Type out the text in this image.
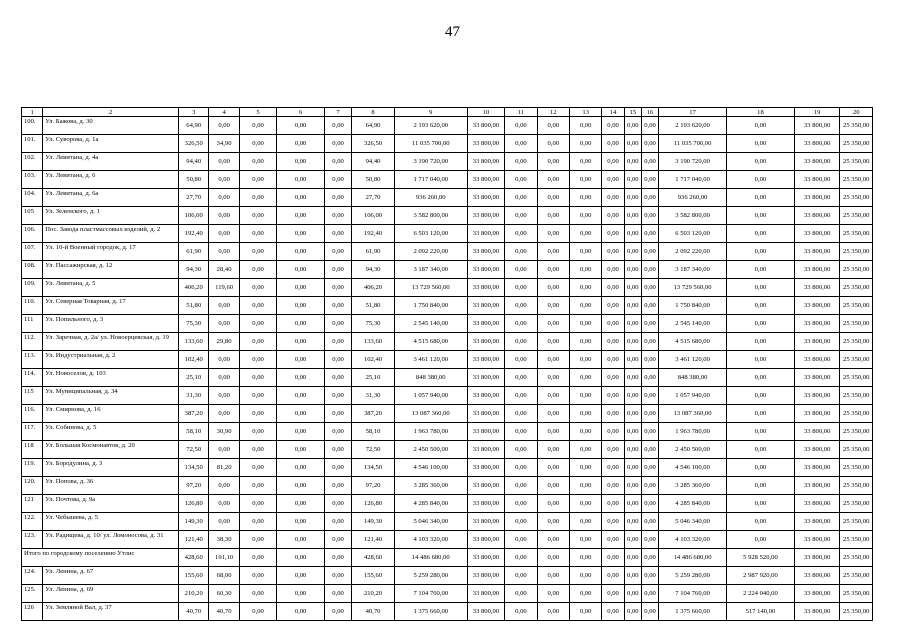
47
1	2	3	4	5	6	7	8	9	10	11	12	13	14	15	16	17	18	19	20
100.	Ул. Бажова, д. 30	64,90	0,00	0,00	0,00	0,00	64,90	2 193 620,00	33 800,00	0,00	0,00	0,00	0,00	0,00	0,00	2 193 620,00	0,00	33 800,00	25 350,00
101.	Ул. Суворова, д. 1а	326,50	34,90	0,00	0,00	0,00	326,50	11 035 700,00	33 800,00	0,00	0,00	0,00	0,00	0,00	0,00	11 035 700,00	0,00	33 800,00	25 350,00
102.	Ул. Левитана, д. 4а	94,40	0,00	0,00	0,00	0,00	94,40	3 190 720,00	33 800,00	0,00	0,00	0,00	0,00	0,00	0,00	3 190 720,00	0,00	33 800,00	25 350,00
103.	Ул. Левитана, д. 6	50,80	0,00	0,00	0,00	0,00	50,80	1 717 040,00	33 800,00	0,00	0,00	0,00	0,00	0,00	0,00	1 717 040,00	0,00	33 800,00	25 350,00
104.	Ул. Левитана, д. 6а	27,70	0,00	0,00	0,00	0,00	27,70	936 260,00	33 800,00	0,00	0,00	0,00	0,00	0,00	0,00	936 260,00	0,00	33 800,00	25 350,00
105	Ул. Зеленского, д. 1	106,00	0,00	0,00	0,00	0,00	106,00	3 582 800,00	33 800,00	0,00	0,00	0,00	0,00	0,00	0,00	3 582 800,00	0,00	33 800,00	25 350,00
106.	Пос. Завода пластмассовых изделий, д. 2	192,40	0,00	0,00	0,00	0,00	192,40	6 503 120,00	33 800,00	0,00	0,00	0,00	0,00	0,00	0,00	6 503 120,00	0,00	33 800,00	25 350,00
107.	Ул. 10-й Военный городок, д. 17	61,90	0,00	0,00	0,00	0,00	61,90	2 092 220,00	33 800,00	0,00	0,00	0,00	0,00	0,00	0,00	2 092 220,00	0,00	33 800,00	25 350,00
108.	Ул. Пассажирская, д. 12	94,30	28,40	0,00	0,00	0,00	94,30	3 187 340,00	33 800,00	0,00	0,00	0,00	0,00	0,00	0,00	3 187 340,00	0,00	33 800,00	25 350,00
109.	Ул. Левитана, д. 5	406,20	119,60	0,00	0,00	0,00	406,20	13 729 560,00	33 800,00	0,00	0,00	0,00	0,00	0,00	0,00	13 729 560,00	0,00	33 800,00	25 350,00
110.	Ул. Северная Товарная, д. 17	51,80	0,00	0,00	0,00	0,00	51,80	1 750 840,00	33 800,00	0,00	0,00	0,00	0,00	0,00	0,00	1 750 840,00	0,00	33 800,00	25 350,00
111	Ул. Попильного, д. 3	75,30	0,00	0,00	0,00	0,00	75,30	2 545 140,00	33 800,00	0,00	0,00	0,00	0,00	0,00	0,00	2 545 140,00	0,00	33 800,00	25 350,00
112.	Ул. Заречная, д. 2а/ ул. Новоерцевская, д. 19	133,60	29,80	0,00	0,00	0,00	133,60	4 515 680,00	33 800,00	0,00	0,00	0,00	0,00	0,00	0,00	4 515 680,00	0,00	33 800,00	25 350,00
113.	Ул. Индустриальная, д. 2	102,40	0,00	0,00	0,00	0,00	102,40	3 461 120,00	33 800,00	0,00	0,00	0,00	0,00	0,00	0,00	3 461 120,00	0,00	33 800,00	25 350,00
114.	Ул. Новоселов, д. 103	25,10	0,00	0,00	0,00	0,00	25,10	848 380,00	33 800,00	0,00	0,00	0,00	0,00	0,00	0,00	848 380,00	0,00	33 800,00	25 350,00
115	Ул. Муниципальная, д. 34	31,30	0,00	0,00	0,00	0,00	31,30	1 057 940,00	33 800,00	0,00	0,00	0,00	0,00	0,00	0,00	1 057 940,00	0,00	33 800,00	25 350,00
116.	Ул. Смирнова, д. 16	387,20	0,00	0,00	0,00	0,00	387,20	13 087 360,00	33 800,00	0,00	0,00	0,00	0,00	0,00	0,00	13 087 360,00	0,00	33 800,00	25 350,00
117.	Ул. Собинова, д. 5	58,10	30,90	0,00	0,00	0,00	58,10	1 963 780,00	33 800,00	0,00	0,00	0,00	0,00	0,00	0,00	1 963 780,00	0,00	33 800,00	25 350,00
118	Ул. Большая Космонавтов, д. 20	72,50	0,00	0,00	0,00	0,00	72,50	2 450 500,00	33 800,00	0,00	0,00	0,00	0,00	0,00	0,00	2 450 500,00	0,00	33 800,00	25 350,00
119.	Ул. Бородулина, д. 3	134,50	81,20	0,00	0,00	0,00	134,50	4 546 100,00	33 800,00	0,00	0,00	0,00	0,00	0,00	0,00	4 546 100,00	0,00	33 800,00	25 350,00
120.	Ул. Попова, д. 36	97,20	0,00	0,00	0,00	0,00	97,20	3 285 360,00	33 800,00	0,00	0,00	0,00	0,00	0,00	0,00	3 285 360,00	0,00	33 800,00	25 350,00
121	Ул. Почтова, д. 9а	126,80	0,00	0,00	0,00	0,00	126,80	4 285 840,00	33 800,00	0,00	0,00	0,00	0,00	0,00	0,00	4 285 840,00	0,00	33 800,00	25 350,00
122.	Ул. Чебышева, д. 5	149,30	0,00	0,00	0,00	0,00	149,30	5 046 340,00	33 800,00	0,00	0,00	0,00	0,00	0,00	0,00	5 046 340,00	0,00	33 800,00	25 350,00
123.	Ул. Радищева, д. 10/ ул. Ломоносова, д. 31	121,40	38,30	0,00	0,00	0,00	121,40	4 103 320,00	33 800,00	0,00	0,00	0,00	0,00	0,00	0,00	4 103 320,00	0,00	33 800,00	25 350,00
Итого по городскому поселению Утлис		428,60	191,10	0,00	0,00	0,00	428,60	14 486 680,00	33 800,00	0,00	0,00	0,00	0,00	0,00	0,00	14 486 680,00	5 928 520,00	33 800,00	25 350,00
124.	Ул. Ленина, д. 67	155,60	68,00	0,00	0,00	0,00	155,60	5 259 280,00	33 800,00	0,00	0,00	0,00	0,00	0,00	0,00	5 259 280,00	2 987 920,00	33 800,00	25 350,00
125.	Ул. Ленина, д. 69	210,20	60,30	0,00	0,00	0,00	210,20	7 104 760,00	33 800,00	0,00	0,00	0,00	0,00	0,00	0,00	7 104 760,00	2 224 040,00	33 800,00	25 350,00
126	Ул. Земляной Вал, д. 37	40,70	40,70	0,00	0,00	0,00	40,70	1 375 660,00	33 800,00	0,00	0,00	0,00	0,00	0,00	0,00	1 375 660,00	517 140,00	33 800,00	25 350,00
